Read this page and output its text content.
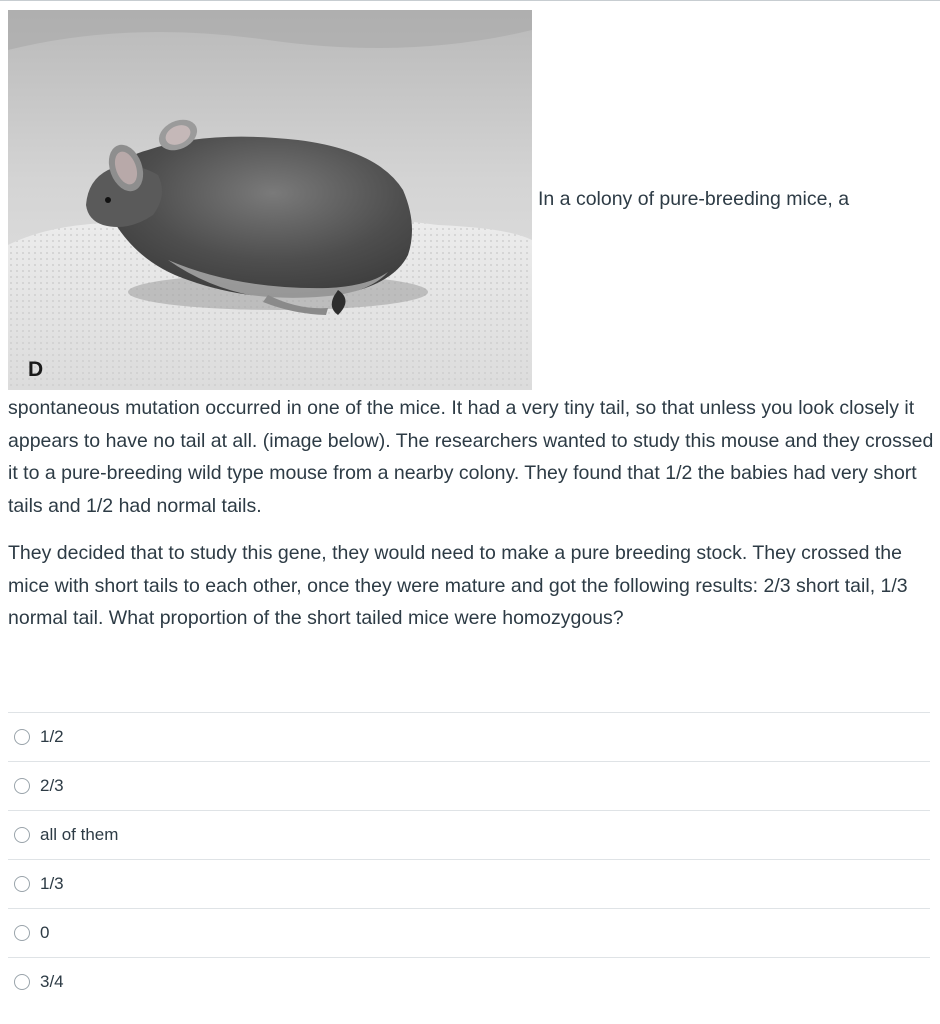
D
In a colony of pure-breeding mice, a

spontaneous mutation occurred in one of the mice. It had a very tiny tail, so that unless you look closely it appears to have no tail at all. (image below). The researchers wanted to study this mouse and they crossed it to a pure-breeding wild type mouse from a nearby colony. They found that 1/2 the babies had very short tails and 1/2 had normal tails.

They decided that to study this gene, they would need to make a pure breeding stock. They crossed the mice with short tails to each other, once they were mature and got the following results: 2/3 short tail, 1/3 normal tail. What proportion of the short tailed mice were homozygous?

1/2
2/3
all of them
1/3
0
3/4
